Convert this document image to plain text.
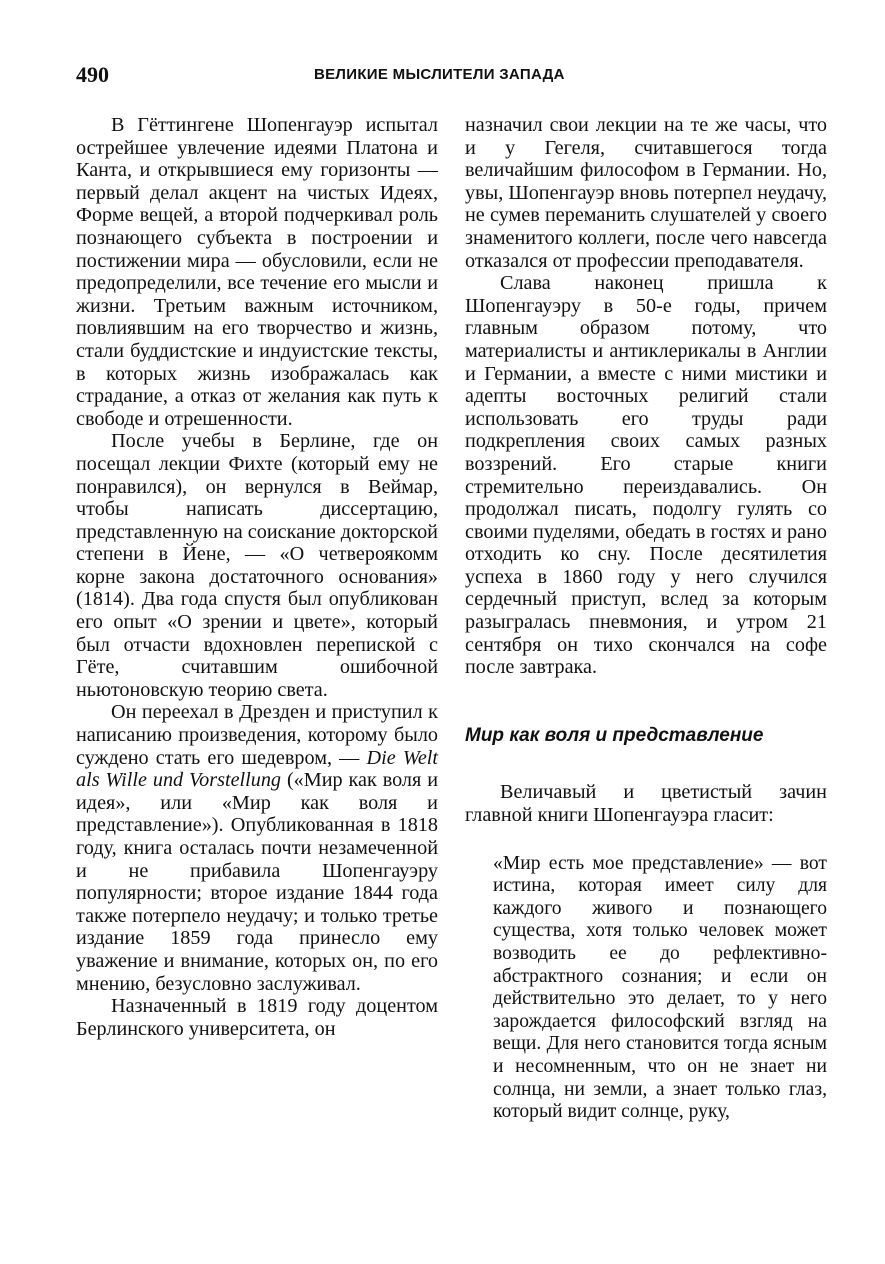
490	ВЕЛИКИЕ МЫСЛИТЕЛИ ЗАПАДА

В Гёттингене Шопенгауэр испытал острейшее увлечение идеями Платона и Канта, и открывшиеся ему горизонты — первый делал акцент на чистых Идеях, Форме вещей, а второй подчеркивал роль познающего субъекта в построении и постижении мира — обусловили, если не предопределили, все течение его мысли и жизни. Третьим важным источником, повлиявшим на его творчество и жизнь, стали буддистские и индуистские тексты, в которых жизнь изображалась как страдание, а отказ от желания как путь к свободе и отрешенности.

После учебы в Берлине, где он посещал лекции Фихте (который ему не понравился), он вернулся в Веймар, чтобы написать диссертацию, представленную на соискание докторской степени в Йене, — «О четвероякомм корне закона достаточного основания» (1814). Два года спустя был опубликован его опыт «О зрении и цвете», который был отчасти вдохновлен перепиской с Гёте, считавшим ошибочной ньютоновскую теорию света.

Он переехал в Дрезден и приступил к написанию произведения, которому было суждено стать его шедевром, — Die Welt als Wille und Vorstellung («Мир как воля и идея», или «Мир как воля и представление»). Опубликованная в 1818 году, книга осталась почти незамеченной и не прибавила Шопенгауэру популярности; второе издание 1844 года также потерпело неудачу; и только третье издание 1859 года принесло ему уважение и внимание, которых он, по его мнению, безусловно заслуживал.

Назначенный в 1819 году доцентом Берлинского университета, он

назначил свои лекции на те же часы, что и у Гегеля, считавшегося тогда величайшим философом в Германии. Но, увы, Шопенгауэр вновь потерпел неудачу, не сумев переманить слушателей у своего знаменитого коллеги, после чего навсегда отказался от профессии преподавателя.

Слава наконец пришла к Шопенгауэру в 50-е годы, причем главным образом потому, что материалисты и антиклерикалы в Англии и Германии, а вместе с ними мистики и адепты восточных религий стали использовать его труды ради подкрепления своих самых разных воззрений. Его старые книги стремительно переиздавались. Он продолжал писать, подолгу гулять со своими пуделями, обедать в гостях и рано отходить ко сну. После десятилетия успеха в 1860 году у него случился сердечный приступ, вслед за которым разыгралась пневмония, и утром 21 сентября он тихо скончался на софе после завтрака.

Мир как воля и представление

Величавый и цветистый зачин главной книги Шопенгауэра гласит:

«Мир есть мое представление» — вот истина, которая имеет силу для каждого живого и познающего существа, хотя только человек может возводить ее до рефлективно-абстрактного сознания; и если он действительно это делает, то у него зарождается философский взгляд на вещи. Для него становится тогда ясным и несомненным, что он не знает ни солнца, ни земли, а знает только глаз, который видит солнце, руку,
